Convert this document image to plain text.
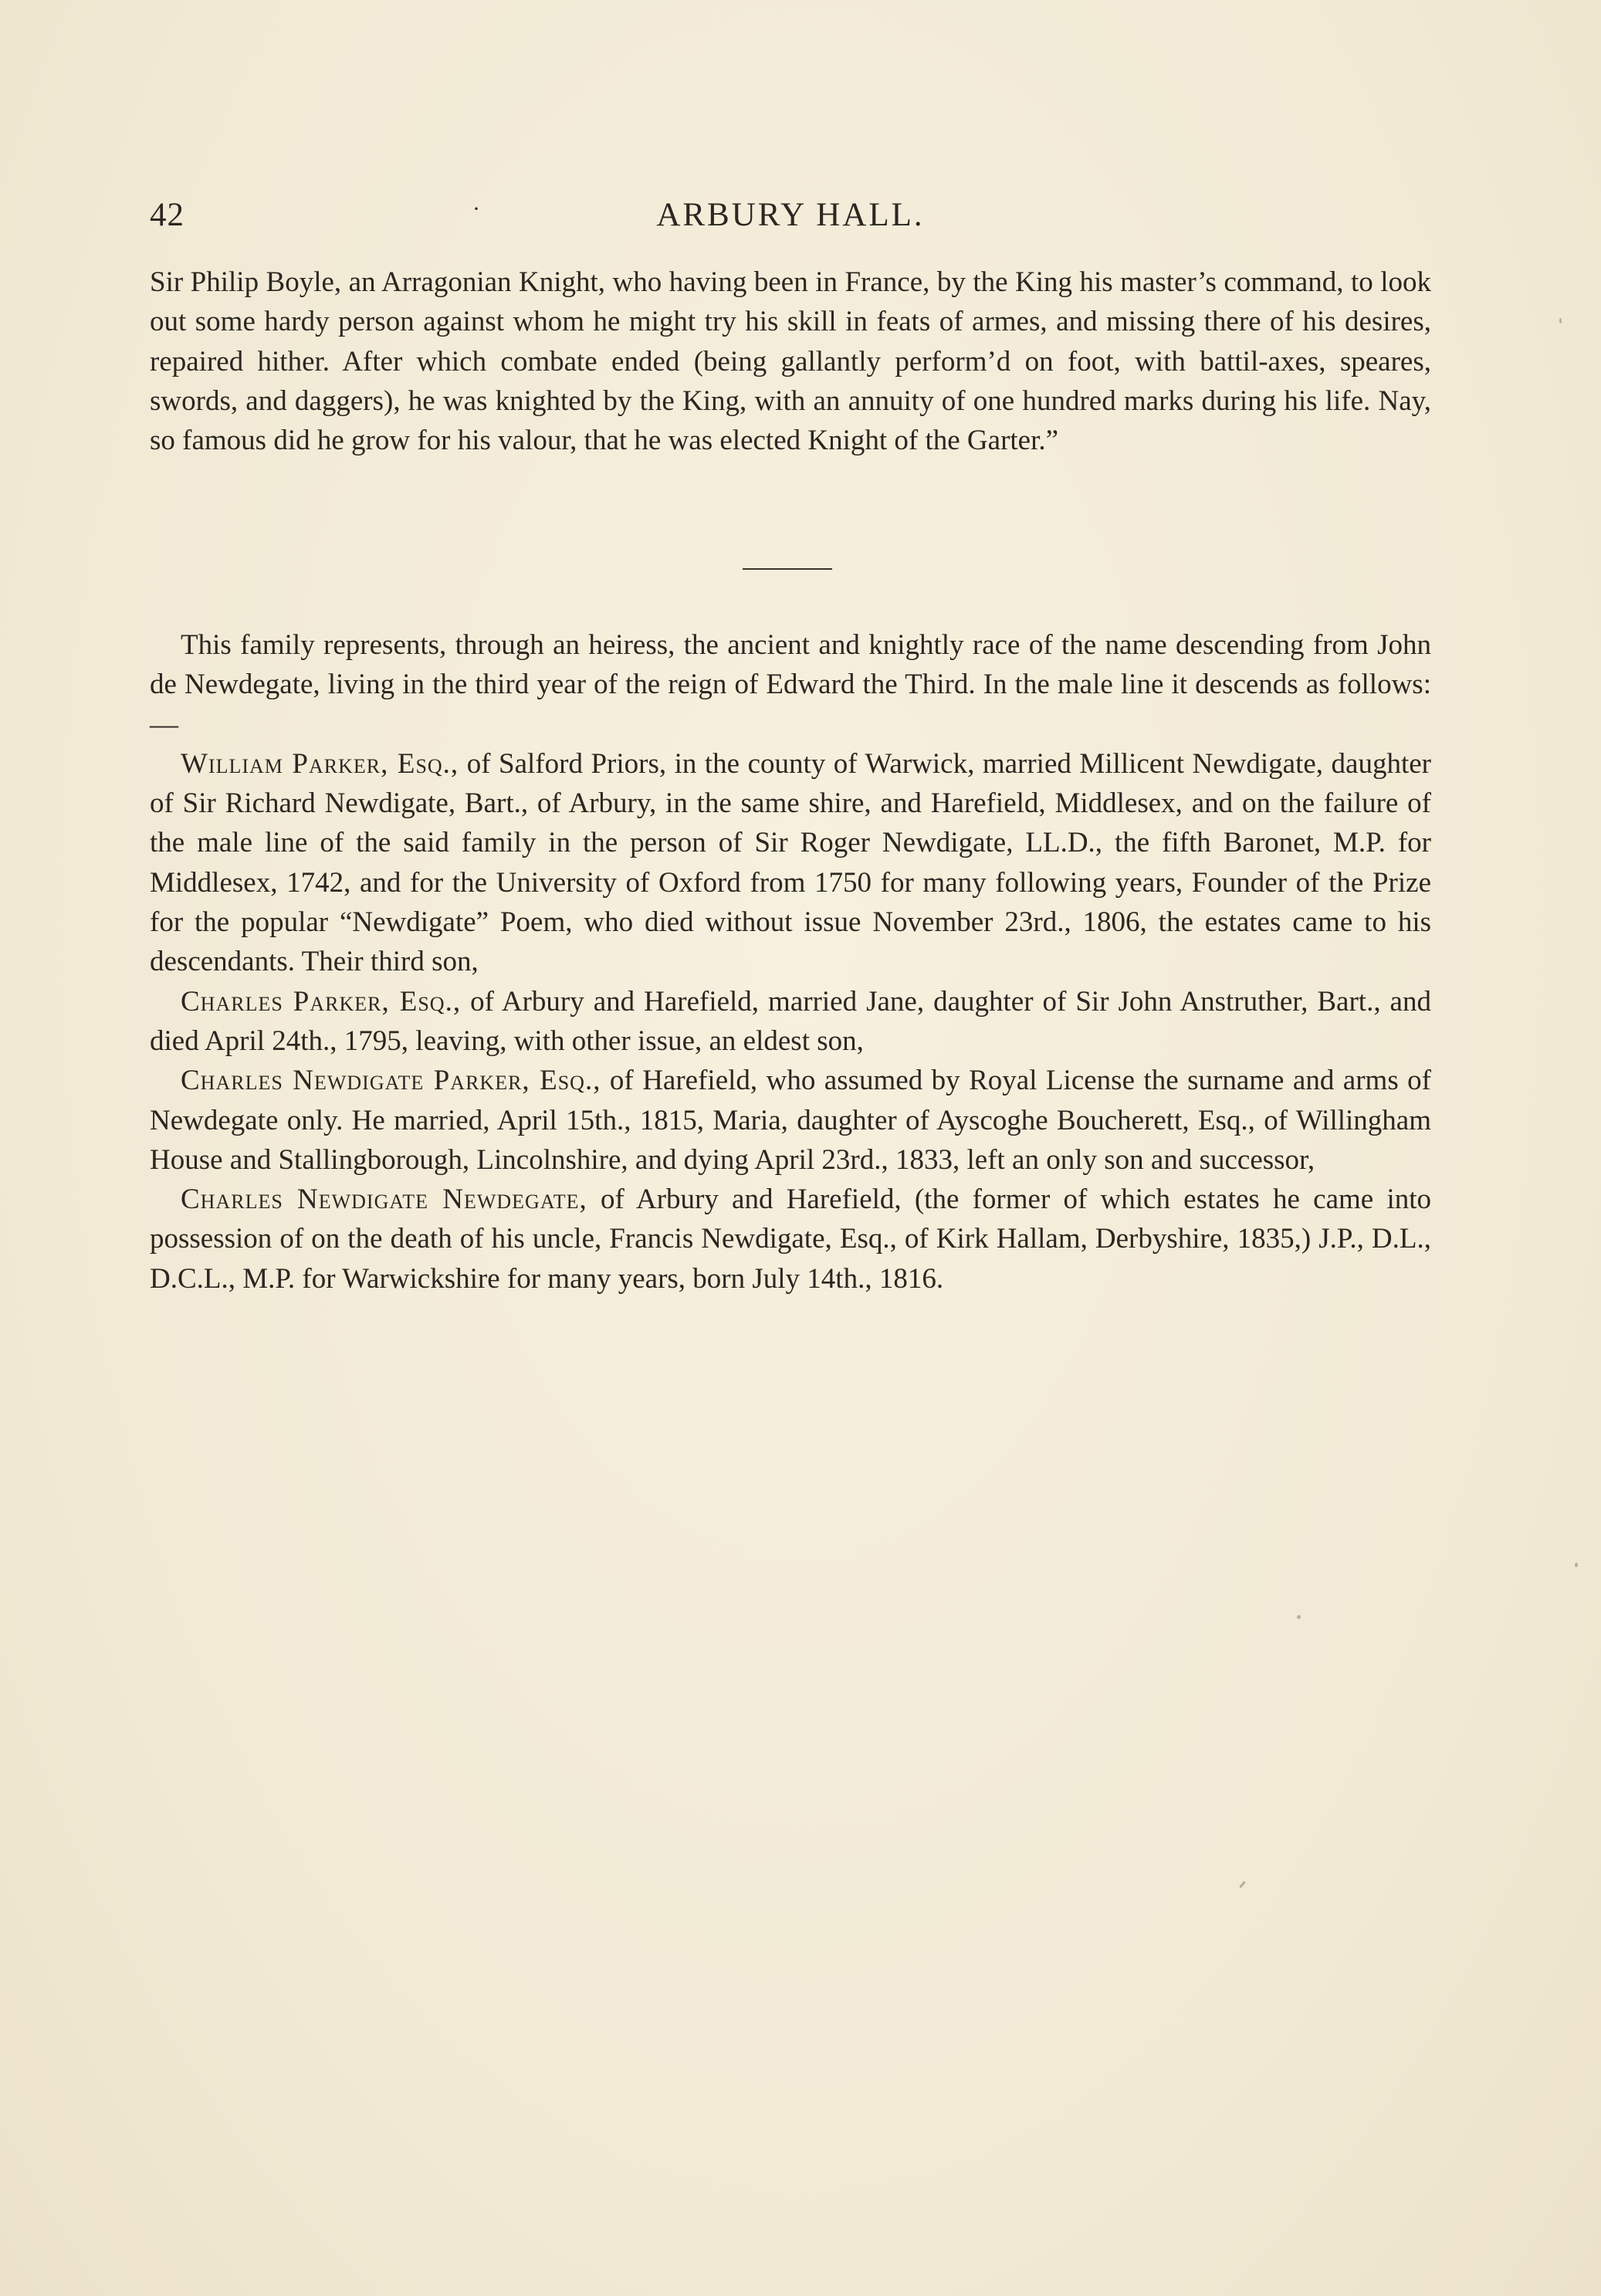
42	·	ARBURY HALL.

Sir Philip Boyle, an Arragonian Knight, who having been in France, by the King his master’s command, to look out some hardy person against whom he might try his skill in feats of armes, and missing there of his desires, repaired hither. After which combate ended (being gallantly perform’d on foot, with battil-axes, speares, swords, and daggers), he was knighted by the King, with an annuity of one hundred marks during his life. Nay, so famous did he grow for his valour, that he was elected Knight of the Garter.”

This family represents, through an heiress, the ancient and knightly race of the name descending from John de Newdegate, living in the third year of the reign of Edward the Third. In the male line it descends as follows:—

William Parker, Esq., of Salford Priors, in the county of Warwick, married Millicent Newdigate, daughter of Sir Richard Newdigate, Bart., of Arbury, in the same shire, and Harefield, Middlesex, and on the failure of the male line of the said family in the person of Sir Roger Newdigate, LL.D., the fifth Baronet, M.P. for Middlesex, 1742, and for the University of Oxford from 1750 for many following years, Founder of the Prize for the popular “Newdigate” Poem, who died without issue November 23rd., 1806, the estates came to his descendants. Their third son,

Charles Parker, Esq., of Arbury and Harefield, married Jane, daughter of Sir John Anstruther, Bart., and died April 24th., 1795, leaving, with other issue, an eldest son,

Charles Newdigate Parker, Esq., of Harefield, who assumed by Royal License the surname and arms of Newdegate only. He married, April 15th., 1815, Maria, daughter of Ayscoghe Boucherett, Esq., of Willingham House and Stallingborough, Lincolnshire, and dying April 23rd., 1833, left an only son and successor,

Charles Newdigate Newdegate, of Arbury and Harefield, (the former of which estates he came into possession of on the death of his uncle, Francis Newdigate, Esq., of Kirk Hallam, Derbyshire, 1835,) J.P., D.L., D.C.L., M.P. for Warwickshire for many years, born July 14th., 1816.
